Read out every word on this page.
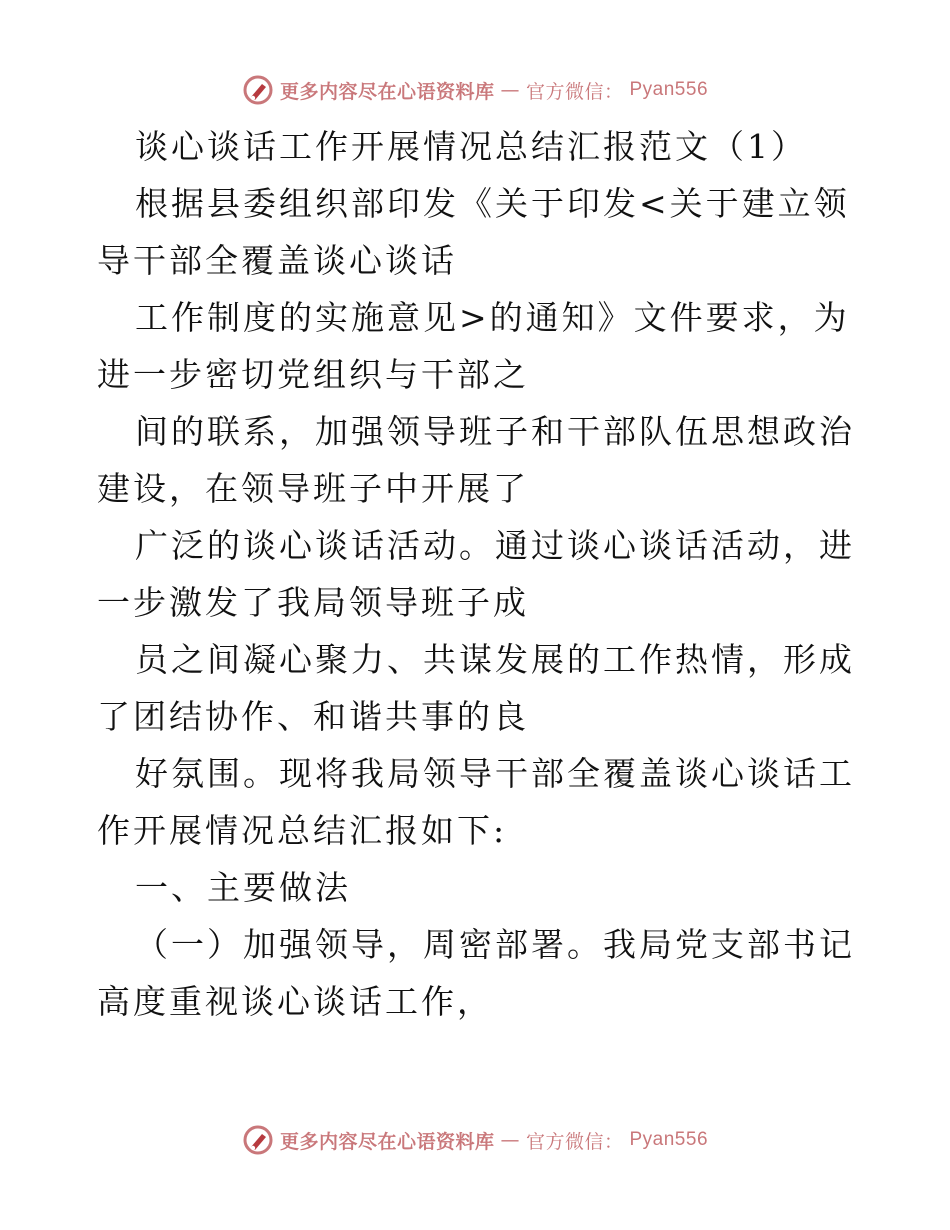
更多内容尽在心语资料库 — 官方微信： Pyan556

谈心谈话工作开展情况总结汇报范文（1）

根据县委组织部印发《关于印发<关于建立领导干部全覆盖谈心谈话

工作制度的实施意见>的通知》文件要求，为进一步密切党组织与干部之

间的联系，加强领导班子和干部队伍思想政治建设，在领导班子中开展了

广泛的谈心谈话活动。通过谈心谈话活动，进一步激发了我局领导班子成

员之间凝心聚力、共谋发展的工作热情，形成了团结协作、和谐共事的良

好氛围。现将我局领导干部全覆盖谈心谈话工作开展情况总结汇报如下:

一、主要做法

（一）加强领导，周密部署。我局党支部书记高度重视谈心谈话工作，

更多内容尽在心语资料库 — 官方微信： Pyan556
